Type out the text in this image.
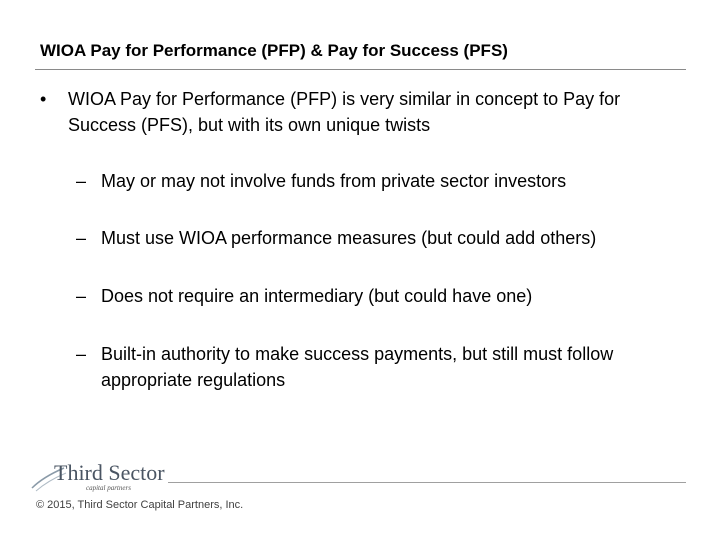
WIOA Pay for Performance (PFP) & Pay for Success (PFS)
•	WIOA Pay for Performance (PFP) is very similar in concept to Pay for Success (PFS), but with its own unique twists
– May or may not involve funds from private sector investors
– Must use WIOA performance measures (but could add others)
– Does not require an intermediary (but could have one)
– Built-in authority to make success payments, but still must follow appropriate regulations
Third Sector
capital partners
© 2015, Third Sector Capital Partners, Inc.
